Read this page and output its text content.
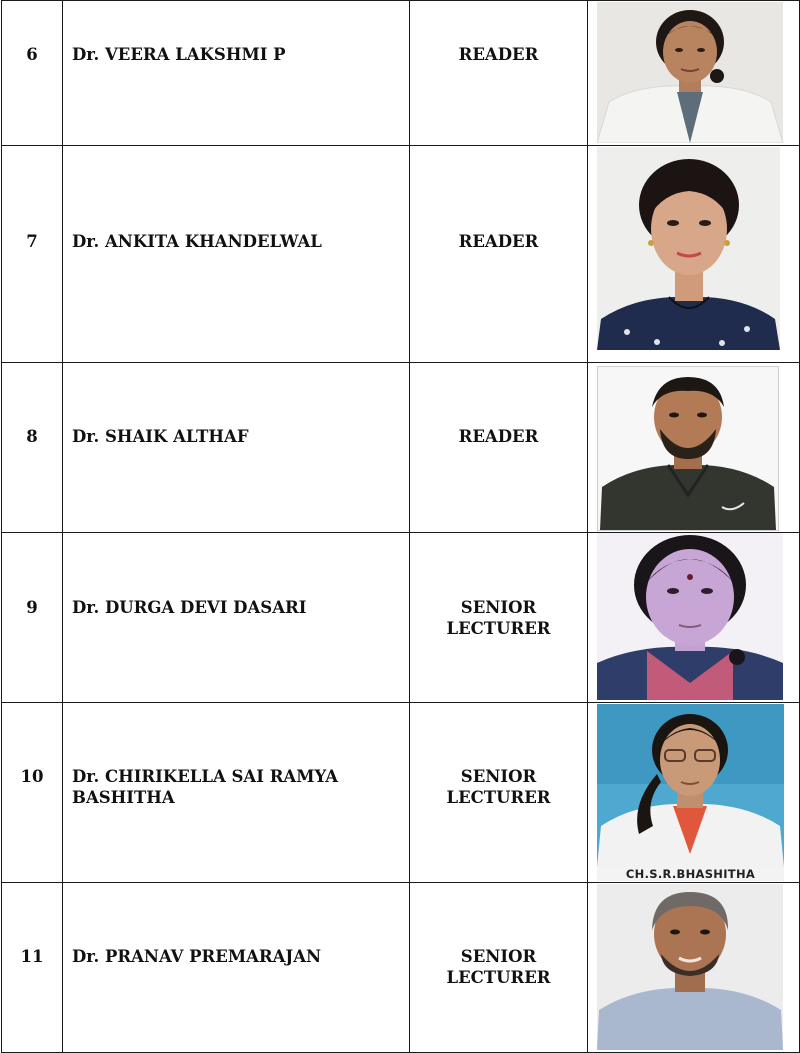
6	Dr. VEERA LAKSHMI P	READER	

7	Dr. ANKITA KHANDELWAL	READER	

8	Dr. SHAIK ALTHAF	READER	

9	Dr. DURGA DEVI DASARI	SENIOR LECTURER	

10	Dr. CHIRIKELLA SAI RAMYA BASHITHA	SENIOR LECTURER	CH.S.R.BHASHITHA

11	Dr. PRANAV PREMARAJAN	SENIOR LECTURER	
